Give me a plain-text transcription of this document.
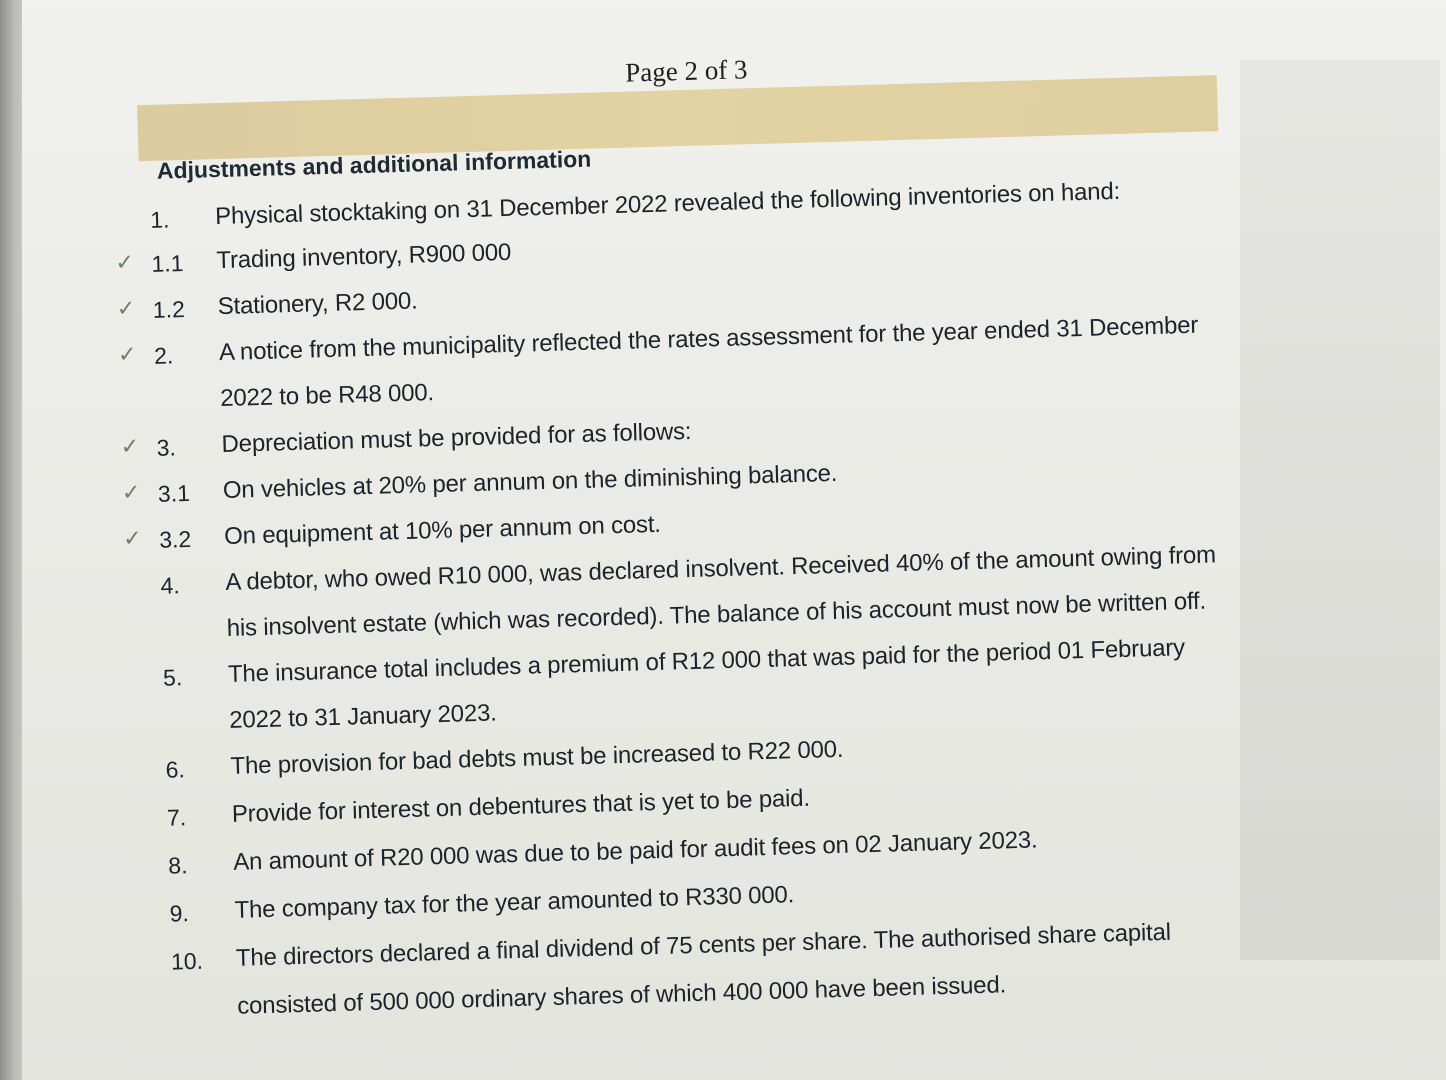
Page 2 of 3
Adjustments and additional information
1. Physical stocktaking on 31 December 2022 revealed the following inventories on hand:
✓ 1.1 Trading inventory, R900 000
✓ 1.2 Stationery, R2 000.
✓ 2. A notice from the municipality reflected the rates assessment for the year ended 31 December
2022 to be R48 000.
✓ 3. Depreciation must be provided for as follows:
✓ 3.1 On vehicles at 20% per annum on the diminishing balance.
✓ 3.2 On equipment at 10% per annum on cost.
4. A debtor, who owed R10 000, was declared insolvent. Received 40% of the amount owing from
his insolvent estate (which was recorded). The balance of his account must now be written off.
5. The insurance total includes a premium of R12 000 that was paid for the period 01 February
2022 to 31 January 2023.
6. The provision for bad debts must be increased to R22 000.
7. Provide for interest on debentures that is yet to be paid.
8. An amount of R20 000 was due to be paid for audit fees on 02 January 2023.
9. The company tax for the year amounted to R330 000.
10. The directors declared a final dividend of 75 cents per share. The authorised share capital
consisted of 500 000 ordinary shares of which 400 000 have been issued.
